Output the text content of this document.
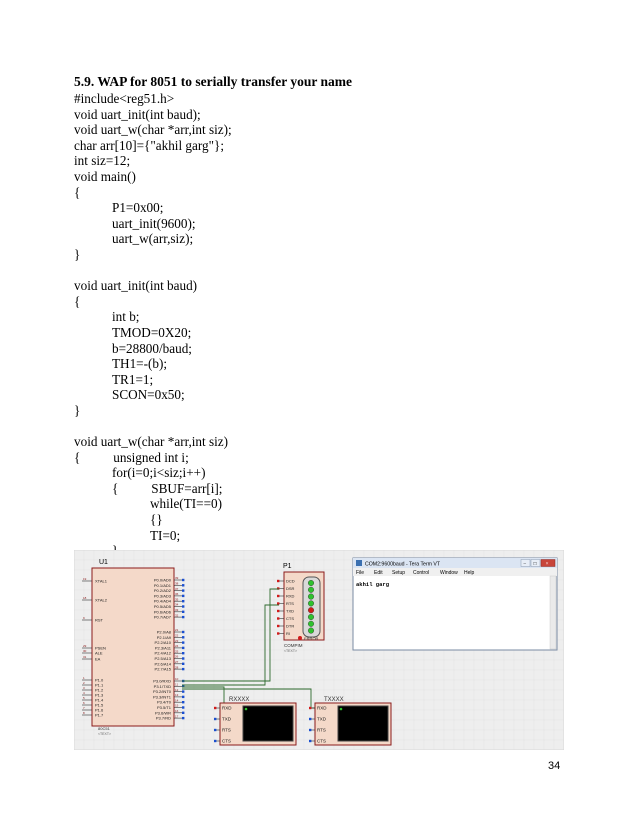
5.9. WAP for 8051 to serially transfer your name
#include<reg51.h>
void uart_init(int baud);
void uart_w(char *arr,int siz);
char arr[10]={"akhil garg"};
int siz=12;
void main()
{
P1=0x00;
uart_init(9600);
uart_w(arr,siz);
}
void uart_init(int baud)
{
int b;
TMOD=0X20;
b=28800/baud;
TH1=-(b);
TR1=1;
SCON=0x50;
}
void uart_w(char *arr,int siz)
{          unsigned int i;
for(i=0;i<siz;i++)
{          SBUF=arr[i];
while(TI==0)
{}
TI=0;
U1
XTAL1
19
XTAL2
18
RST
9
PSEN
29
ALE
30
EA
31
P1.0
1
P1.1
2
P1.2
3
P1.3
4
P1.4
5
P1.5
6
P1.6
7
P1.7
8
P0.0/AD0 39
P0.1/AD1 38
P0.2/AD2 37
P0.3/AD3 36
P0.4/AD4 35
P0.5/AD5 34
P0.6/AD6 33
P0.7/AD7 32
P2.0/A8 21
P2.1/A9 22
P2.2/A10 23
P2.3/A11 24
P2.4/A12 25
P2.5/A13 26
P2.6/A14 27
P2.7/A15 28
P3.0/RXD 10
P3.1/TXD 11
P3.2/INT0 12
P3.3/INT1 13
P3.4/T0 14
P3.5/T1 15
P3.6/WR 16
P3.7/RD 17
80C51
<TEXT>
P1
DCD
DSR
RXD
RTS
TXD
CTS
DTR
RI
ERROR
COMPIM
<TEXT>
RXXXX
RXD
TXD
RTS
CTS
TXXXX
RXD
TXD
RTS
CTS
COM2:9600baud - Tera Term VT	– □ ×
File Edit Setup Control Window Help
akhil garg
34
